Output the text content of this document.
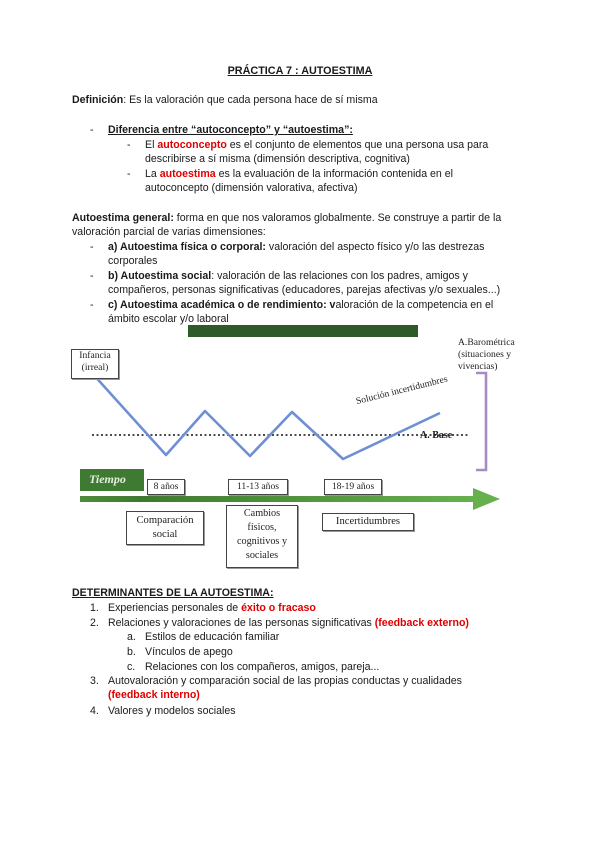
PRÁCTICA 7 : AUTOESTIMA
Definición: Es la valoración que cada persona hace de sí misma
- Diferencia entre “autoconcepto” y “autoestima”:
- El autoconcepto es el conjunto de elementos que una persona usa para
describirse a sí misma (dimensión descriptiva, cognitiva)
- La autoestima es la evaluación de la información contenida en el
autoconcepto (dimensión valorativa, afectiva)
Autoestima general: forma en que nos valoramos globalmente. Se construye a partir de la
valoración parcial de varias dimensiones:
- a) Autoestima física o corporal: valoración del aspecto físico y/o las destrezas
corporales
- b) Autoestima social: valoración de las relaciones con los padres, amigos y
compañeros, personas significativas (educadores, parejas afectivas y/o sexuales...)
- c) Autoestima académica o de rendimiento: valoración de la competencia en el
ámbito escolar y/o laboral
Infancia
(irreal)
A.Barométrica
(situaciones y
vivencias)
Solución incertidumbres
A. Base
Tiempo
8 años	11-13 años	18-19 años
Comparación
social
Cambios
físicos,
cognitivos y
sociales
Incertidumbres
DETERMINANTES DE LA AUTOESTIMA:
1. Experiencias personales de éxito o fracaso
2. Relaciones y valoraciones de las personas significativas (feedback externo)
a. Estilos de educación familiar
b. Vínculos de apego
c. Relaciones con los compañeros, amigos, pareja...
3. Autovaloración y comparación social de las propias conductas y cualidades
(feedback interno)
4. Valores y modelos sociales
